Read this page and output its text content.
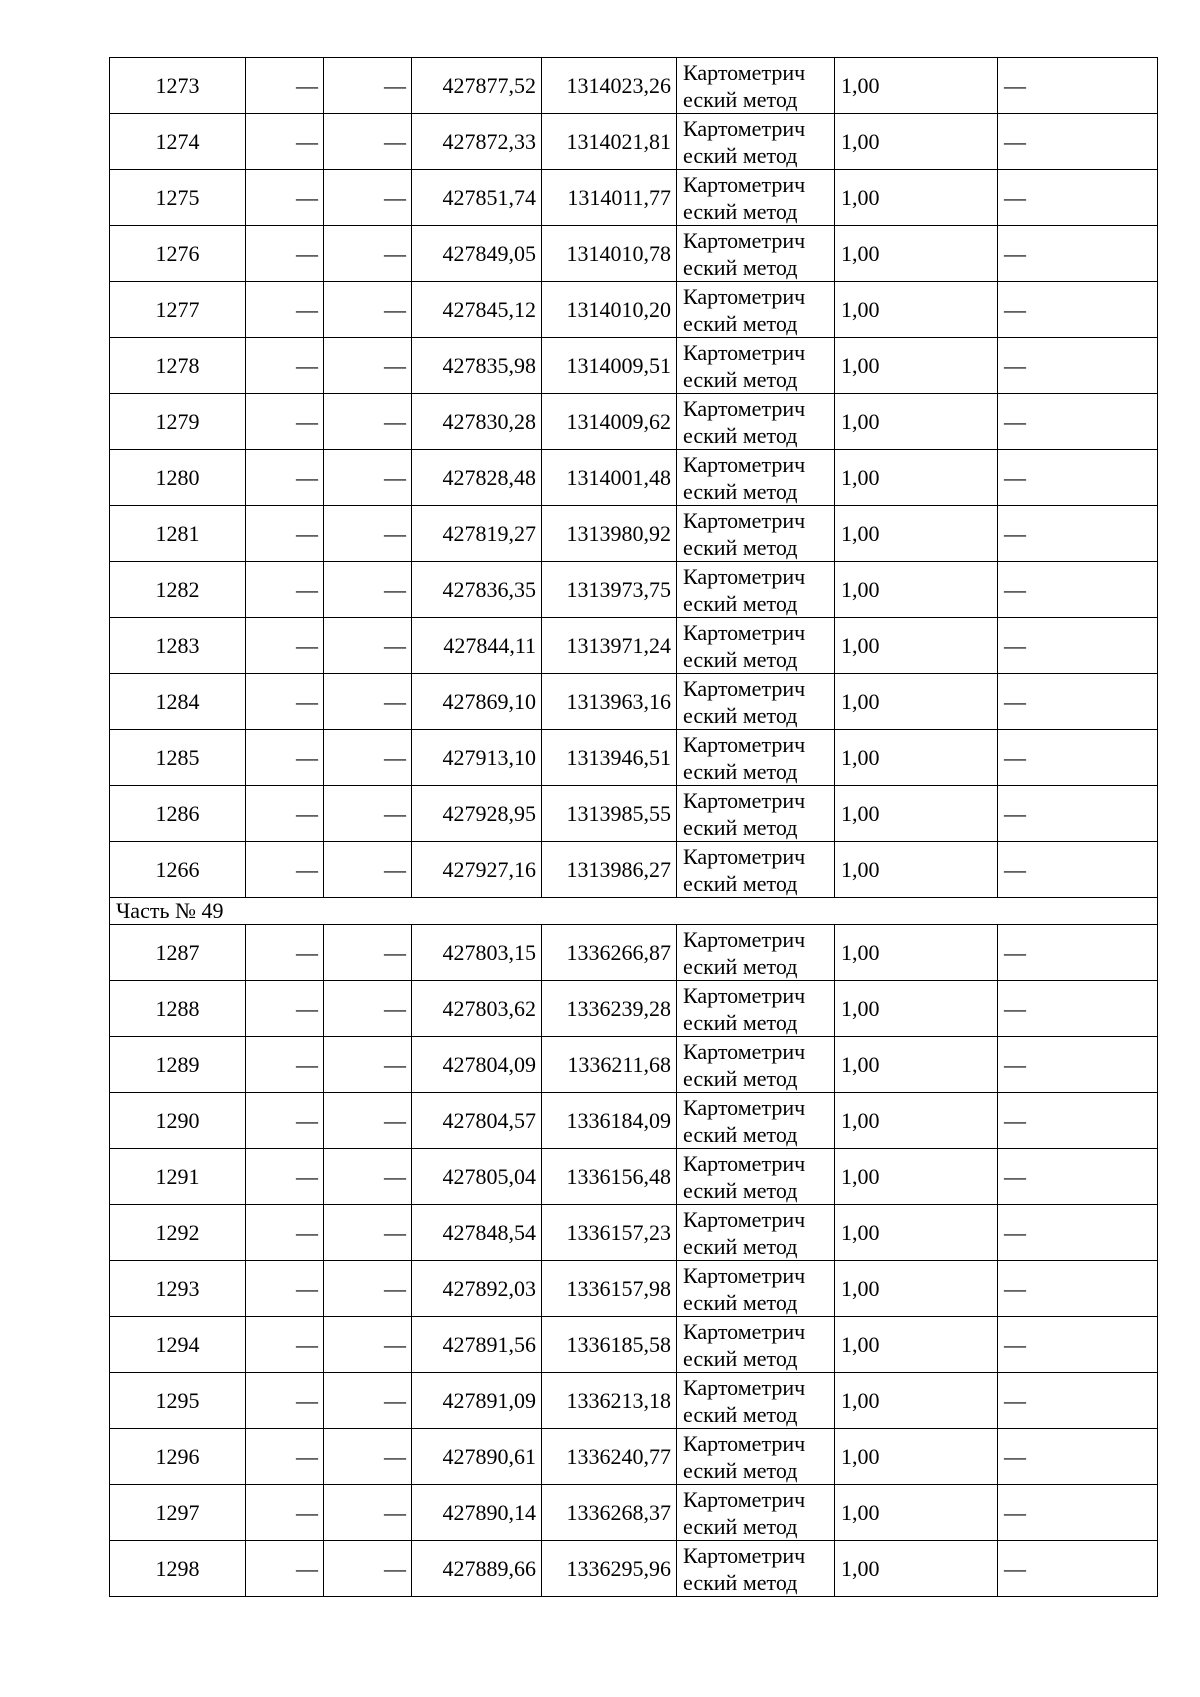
1273	—	—	427877,52	1314023,26	Картометрич
еский метод	1,00	—
1274	—	—	427872,33	1314021,81	Картометрич
еский метод	1,00	—
1275	—	—	427851,74	1314011,77	Картометрич
еский метод	1,00	—
1276	—	—	427849,05	1314010,78	Картометрич
еский метод	1,00	—
1277	—	—	427845,12	1314010,20	Картометрич
еский метод	1,00	—
1278	—	—	427835,98	1314009,51	Картометрич
еский метод	1,00	—
1279	—	—	427830,28	1314009,62	Картометрич
еский метод	1,00	—
1280	—	—	427828,48	1314001,48	Картометрич
еский метод	1,00	—
1281	—	—	427819,27	1313980,92	Картометрич
еский метод	1,00	—
1282	—	—	427836,35	1313973,75	Картометрич
еский метод	1,00	—
1283	—	—	427844,11	1313971,24	Картометрич
еский метод	1,00	—
1284	—	—	427869,10	1313963,16	Картометрич
еский метод	1,00	—
1285	—	—	427913,10	1313946,51	Картометрич
еский метод	1,00	—
1286	—	—	427928,95	1313985,55	Картометрич
еский метод	1,00	—
1266	—	—	427927,16	1313986,27	Картометрич
еский метод	1,00	—
Часть № 49							
1287	—	—	427803,15	1336266,87	Картометрич
еский метод	1,00	—
1288	—	—	427803,62	1336239,28	Картометрич
еский метод	1,00	—
1289	—	—	427804,09	1336211,68	Картометрич
еский метод	1,00	—
1290	—	—	427804,57	1336184,09	Картометрич
еский метод	1,00	—
1291	—	—	427805,04	1336156,48	Картометрич
еский метод	1,00	—
1292	—	—	427848,54	1336157,23	Картометрич
еский метод	1,00	—
1293	—	—	427892,03	1336157,98	Картометрич
еский метод	1,00	—
1294	—	—	427891,56	1336185,58	Картометрич
еский метод	1,00	—
1295	—	—	427891,09	1336213,18	Картометрич
еский метод	1,00	—
1296	—	—	427890,61	1336240,77	Картометрич
еский метод	1,00	—
1297	—	—	427890,14	1336268,37	Картометрич
еский метод	1,00	—
1298	—	—	427889,66	1336295,96	Картометрич
еский метод	1,00	—
